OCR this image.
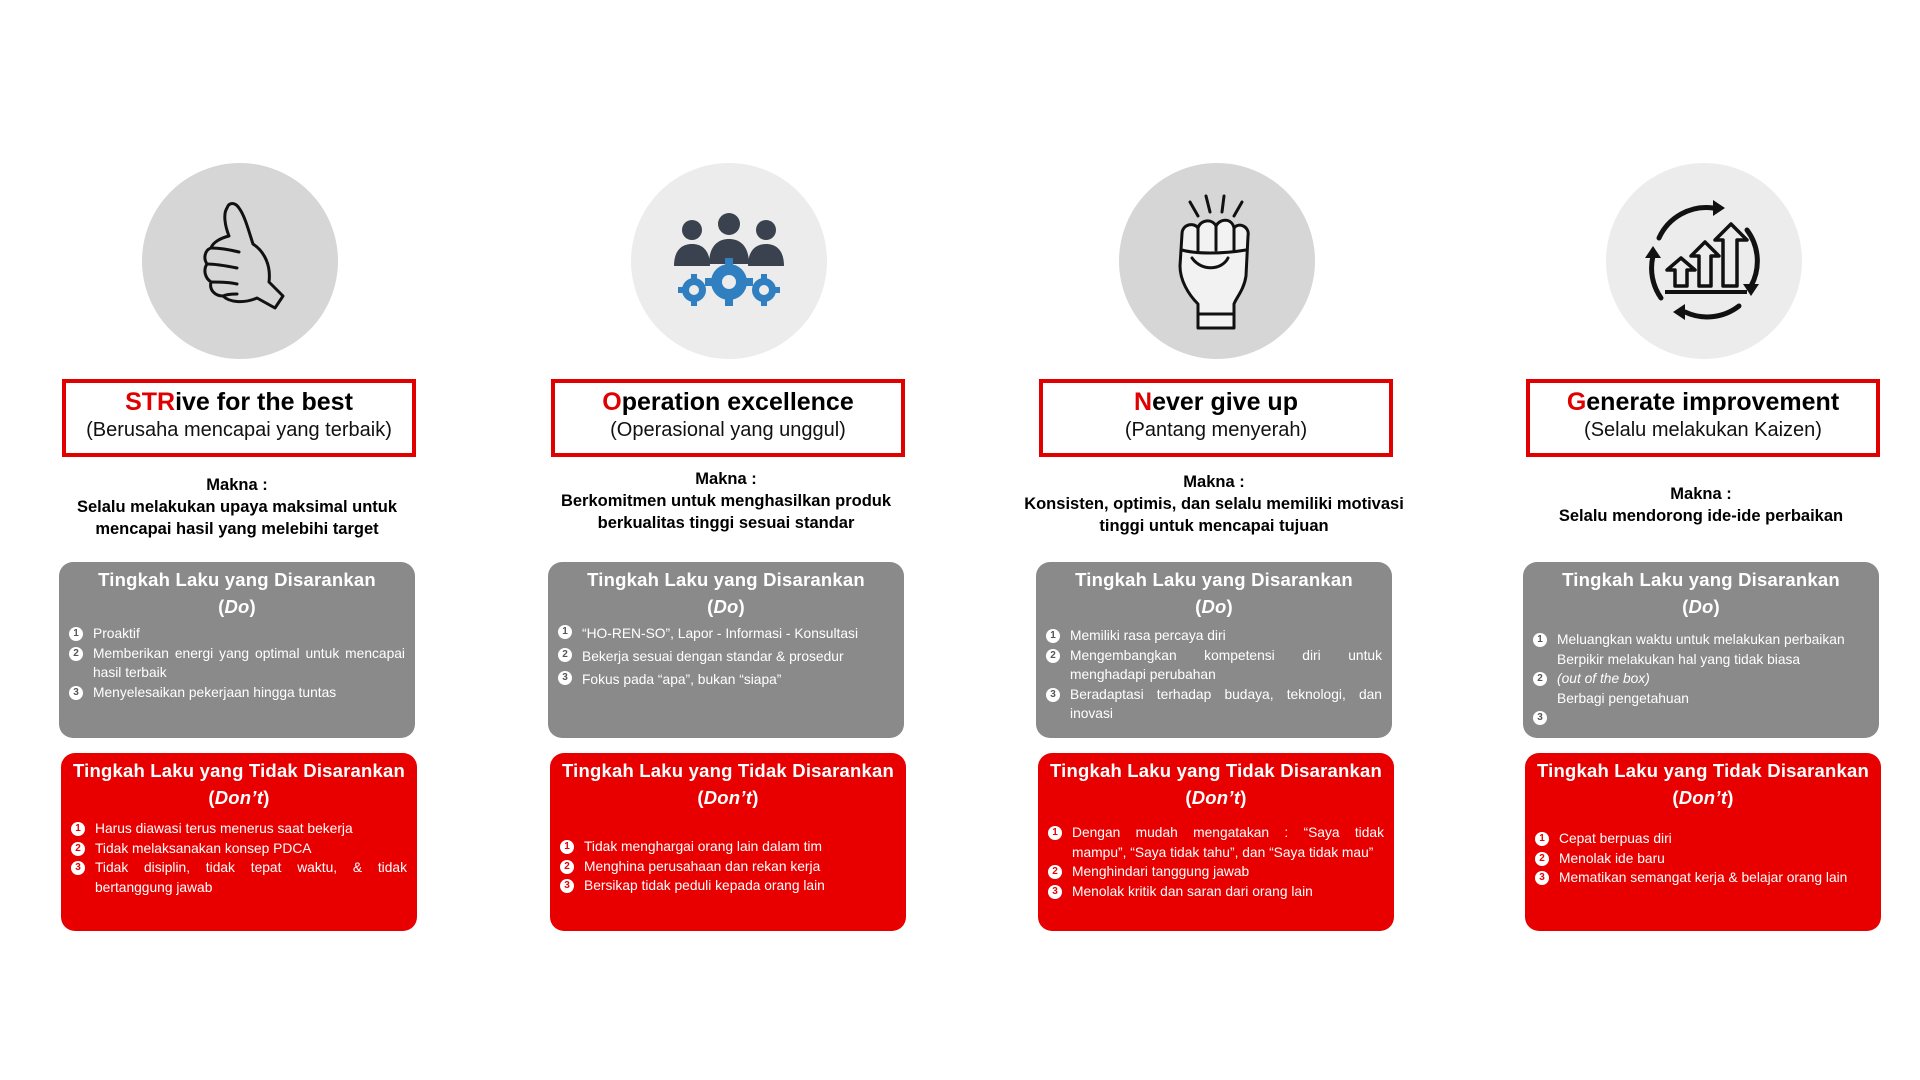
STRive for the best
(Berusaha mencapai yang terbaik)
Makna :
Selalu melakukan upaya maksimal untuk
mencapai hasil yang melebihi target
Tingkah Laku yang Disarankan
(Do)
1	Proaktif
2	Memberikan energi yang optimal untuk mencapai hasil terbaik
3	Menyelesaikan pekerjaan hingga tuntas
Tingkah Laku yang Tidak Disarankan
(Don’t)
1	Harus diawasi terus menerus saat bekerja
2	Tidak melaksanakan konsep PDCA
3	Tidak disiplin, tidak tepat waktu, & tidak bertanggung jawab
Operation excellence
(Operasional yang unggul)
Makna :
Berkomitmen untuk menghasilkan produk
berkualitas tinggi sesuai standar
Tingkah Laku yang Disarankan
(Do)
1	“HO-REN-SO”, Lapor - Informasi - Konsultasi
2	Bekerja sesuai dengan standar & prosedur
3	Fokus pada “apa”, bukan “siapa”
Tingkah Laku yang Tidak Disarankan
(Don’t)
1	Tidak menghargai orang lain dalam tim
2	Menghina perusahaan dan rekan kerja
3	Bersikap tidak peduli kepada orang lain
Never give up
(Pantang menyerah)
Makna :
Konsisten, optimis, dan selalu memiliki motivasi
tinggi untuk mencapai tujuan
Tingkah Laku yang Disarankan
(Do)
1	Memiliki rasa percaya diri
2	Mengembangkan kompetensi diri untuk menghadapi perubahan
3	Beradaptasi terhadap budaya, teknologi, dan inovasi
Tingkah Laku yang Tidak Disarankan
(Don’t)
1	Dengan mudah mengatakan : “Saya tidak mampu”, “Saya tidak tahu”, dan “Saya tidak mau”
2	Menghindari tanggung jawab
3	Menolak kritik dan saran dari orang lain
Generate improvement
(Selalu melakukan Kaizen)
Makna :
Selalu mendorong ide-ide perbaikan
Tingkah Laku yang Disarankan
(Do)
1	Meluangkan waktu untuk melakukan perbaikan
Berpikir melakukan hal yang tidak biasa
2	(out of the box)
Berbagi pengetahuan
3
Tingkah Laku yang Tidak Disarankan
(Don’t)
1	Cepat berpuas diri
2	Menolak ide baru
3	Mematikan semangat kerja & belajar orang lain
